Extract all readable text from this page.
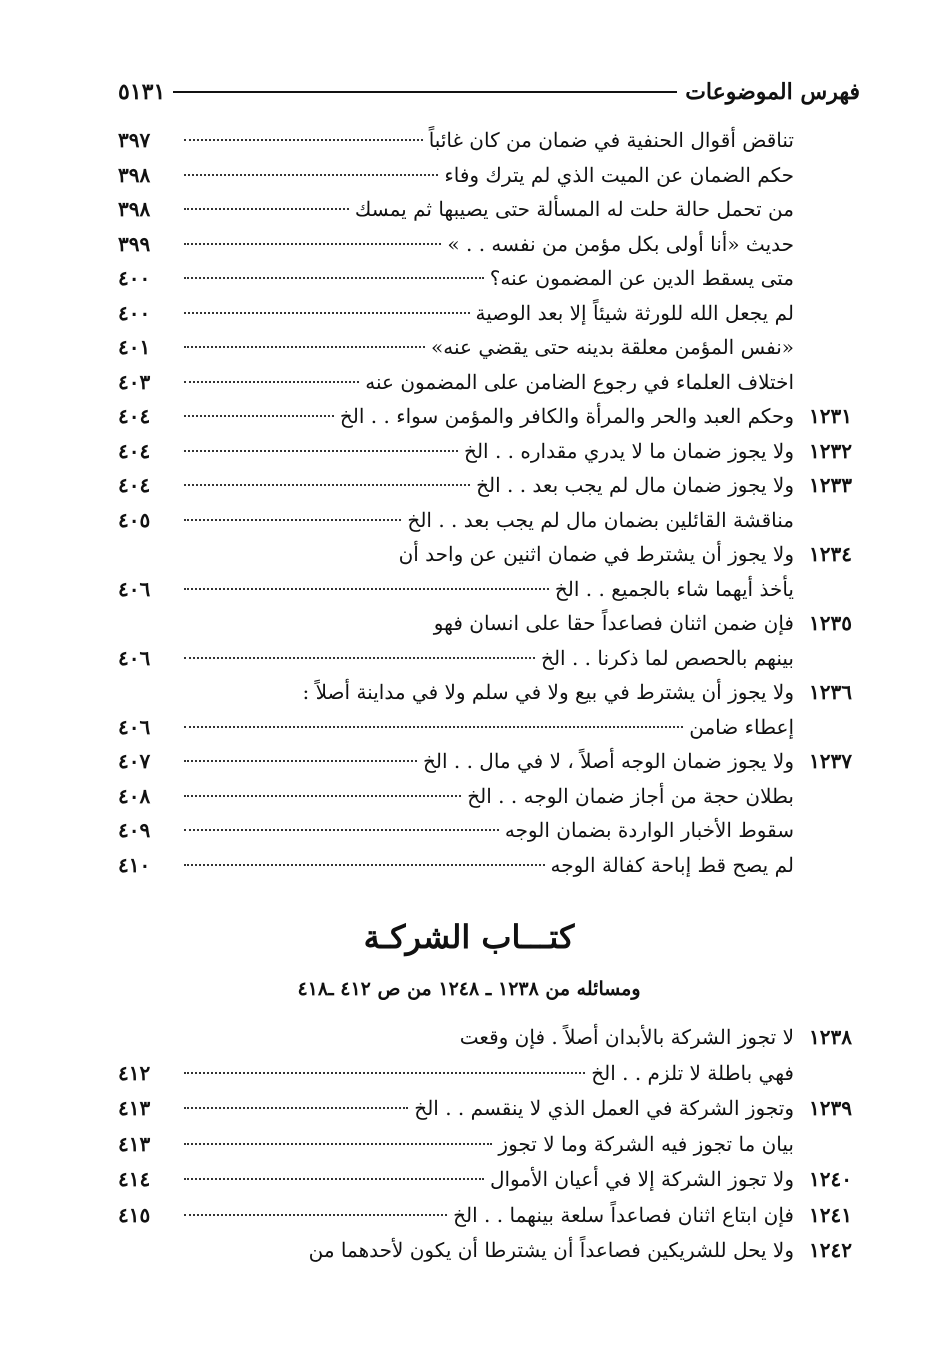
فهرس الموضوعات
٥١٣١
تناقض أقوال الحنفية في ضمان من كان غائباً
٣٩٧
حكم الضمان عن الميت الذي لم يترك وفاء
٣٩٨
من تحمل حالة حلت له المسألة حتى يصيبها ثم يمسك
٣٩٨
حديث «أنا أولى بكل مؤمن من نفسه . . »
٣٩٩
متى يسقط الدين عن المضمون عنه؟
٤٠٠
لم يجعل الله للورثة شيئاً إلا بعد الوصية
٤٠٠
«نفس المؤمن معلقة بدينه حتى يقضي عنه»
٤٠١
اختلاف العلماء في رجوع الضامن على المضمون عنه
٤٠٣
١٢٣١
وحكم العبد والحر والمرأة والكافر والمؤمن سواء . . الخ
٤٠٤
١٢٣٢
ولا يجوز ضمان ما لا يدري مقداره . . الخ
٤٠٤
١٢٣٣
ولا يجوز ضمان مال لم يجب بعد . . الخ
٤٠٤
مناقشة القائلين بضمان مال لم يجب بعد . . الخ
٤٠٥
١٢٣٤
ولا يجوز أن يشترط في ضمان اثنين عن واحد أن
يأخذ أيهما شاء بالجميع . . الخ
٤٠٦
١٢٣٥
فإن ضمن اثنان فصاعداً حقا على انسان فهو
بينهم بالحصص لما ذكرنا . . الخ
٤٠٦
١٢٣٦
ولا يجوز أن يشترط في بيع ولا في سلم ولا في مداينة أصلاً :
إعطاء ضامن
٤٠٦
١٢٣٧
ولا يجوز ضمان الوجه أصلاً ، لا في مال . . الخ
٤٠٧
بطلان حجة من أجاز ضمان الوجه . . الخ
٤٠٨
سقوط الأخبار الواردة بضمان الوجه
٤٠٩
لم يصح قط إباحة كفالة الوجه
٤١٠
كتـــاب الشركـة
ومسائله من ١٢٣٨ ـ ١٢٤٨ من ص ٤١٢ ـ٤١٨
١٢٣٨
لا تجوز الشركة بالأبدان أصلاً . فإن وقعت
فهي باطلة لا تلزم . . الخ
٤١٢
١٢٣٩
وتجوز الشركة في العمل الذي لا ينقسم . . الخ
٤١٣
بيان ما تجوز فيه الشركة وما لا تجوز
٤١٣
١٢٤٠
ولا تجوز الشركة إلا في أعيان الأموال
٤١٤
١٢٤١
فإن ابتاع اثنان فصاعداً سلعة بينهما . . الخ
٤١٥
١٢٤٢
ولا يحل للشريكين فصاعداً أن يشترطا أن يكون لأحدهما من
